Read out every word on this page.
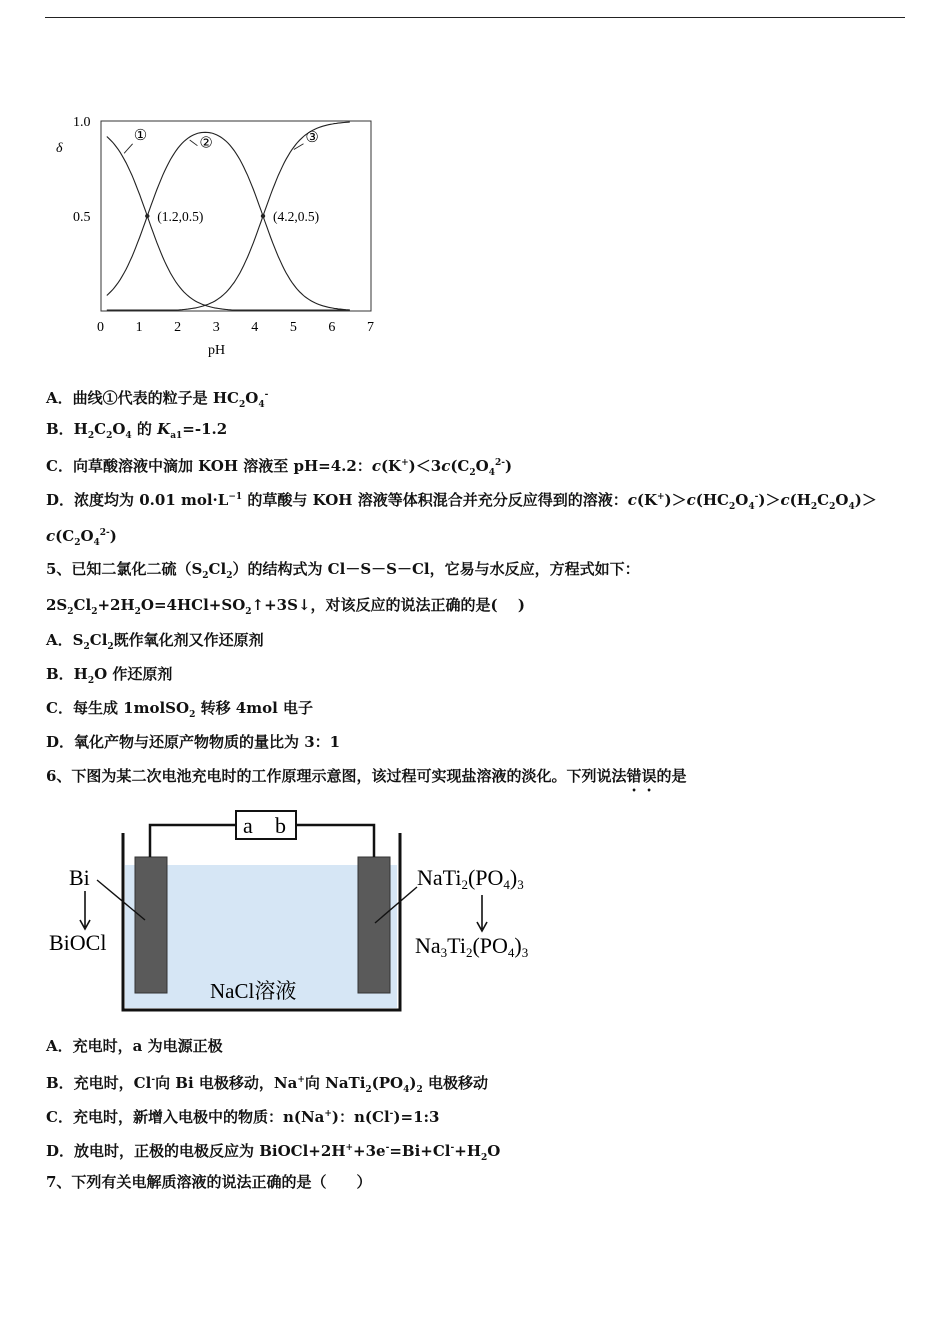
0.5
1.0
0 1 2 3 4 5 6 7
δ
pH
①	②	③
(1.2,0.5)	(4.2,0.5)
A．曲线①代表的粒子是 $HC_2O_4^-$
B．$H_2C_2O_4$ 的 $K_{a1}=-1.2$
C．向草酸溶液中滴加 KOH 溶液至 pH=4.2：$c(K^+)<3c(C_2O_4^{2-})$
D．浓度均为 0.01 $mol\cdot L^{-1}$ 的草酸与 KOH 溶液等体积混合并充分反应得到的溶液：$c(K^+)>c(HC_2O_4^-)>c(H_2C_2O_4)>$
$c(C_2O_4^{2-})$
5、已知二氯化二硫$(S_2Cl_2)$的结构式为 Cl－S－S－Cl，它易与水反应，方程式如下：
$2S_2Cl_2+2H_2O=4HCl+SO_2↑+3S↓$，对该反应的说法正确的是(　 )
A．$S_2Cl_2$既作氧化剂又作还原剂
B．$H_2O$ 作还原剂
C．每生成 1molSO$_2$ 转移 4mol 电子
D．氧化产物与还原产物物质的量比为 3：1
6、下图为某二次电池充电时的工作原理示意图，该过程可实现盐溶液的淡化。下列说法错误的是
a b
Bi
BiOCl
NaTi2(PO4)3
Na3Ti2(PO4)3
NaCl溶液
A．充电时，a 为电源正极
B．充电时，Cl-向 Bi 电极移动，Na+向 $NaTi_2(PO_4)_2$ 电极移动
C．充电时，新增入电极中的物质：n(Na+)：n(Cl-)=1:3
D．放电时，正极的电极反应为 $BiOCl+2H^++3e^-=Bi+Cl^-+H_2O$
7、下列有关电解质溶液的说法正确的是（　　）
